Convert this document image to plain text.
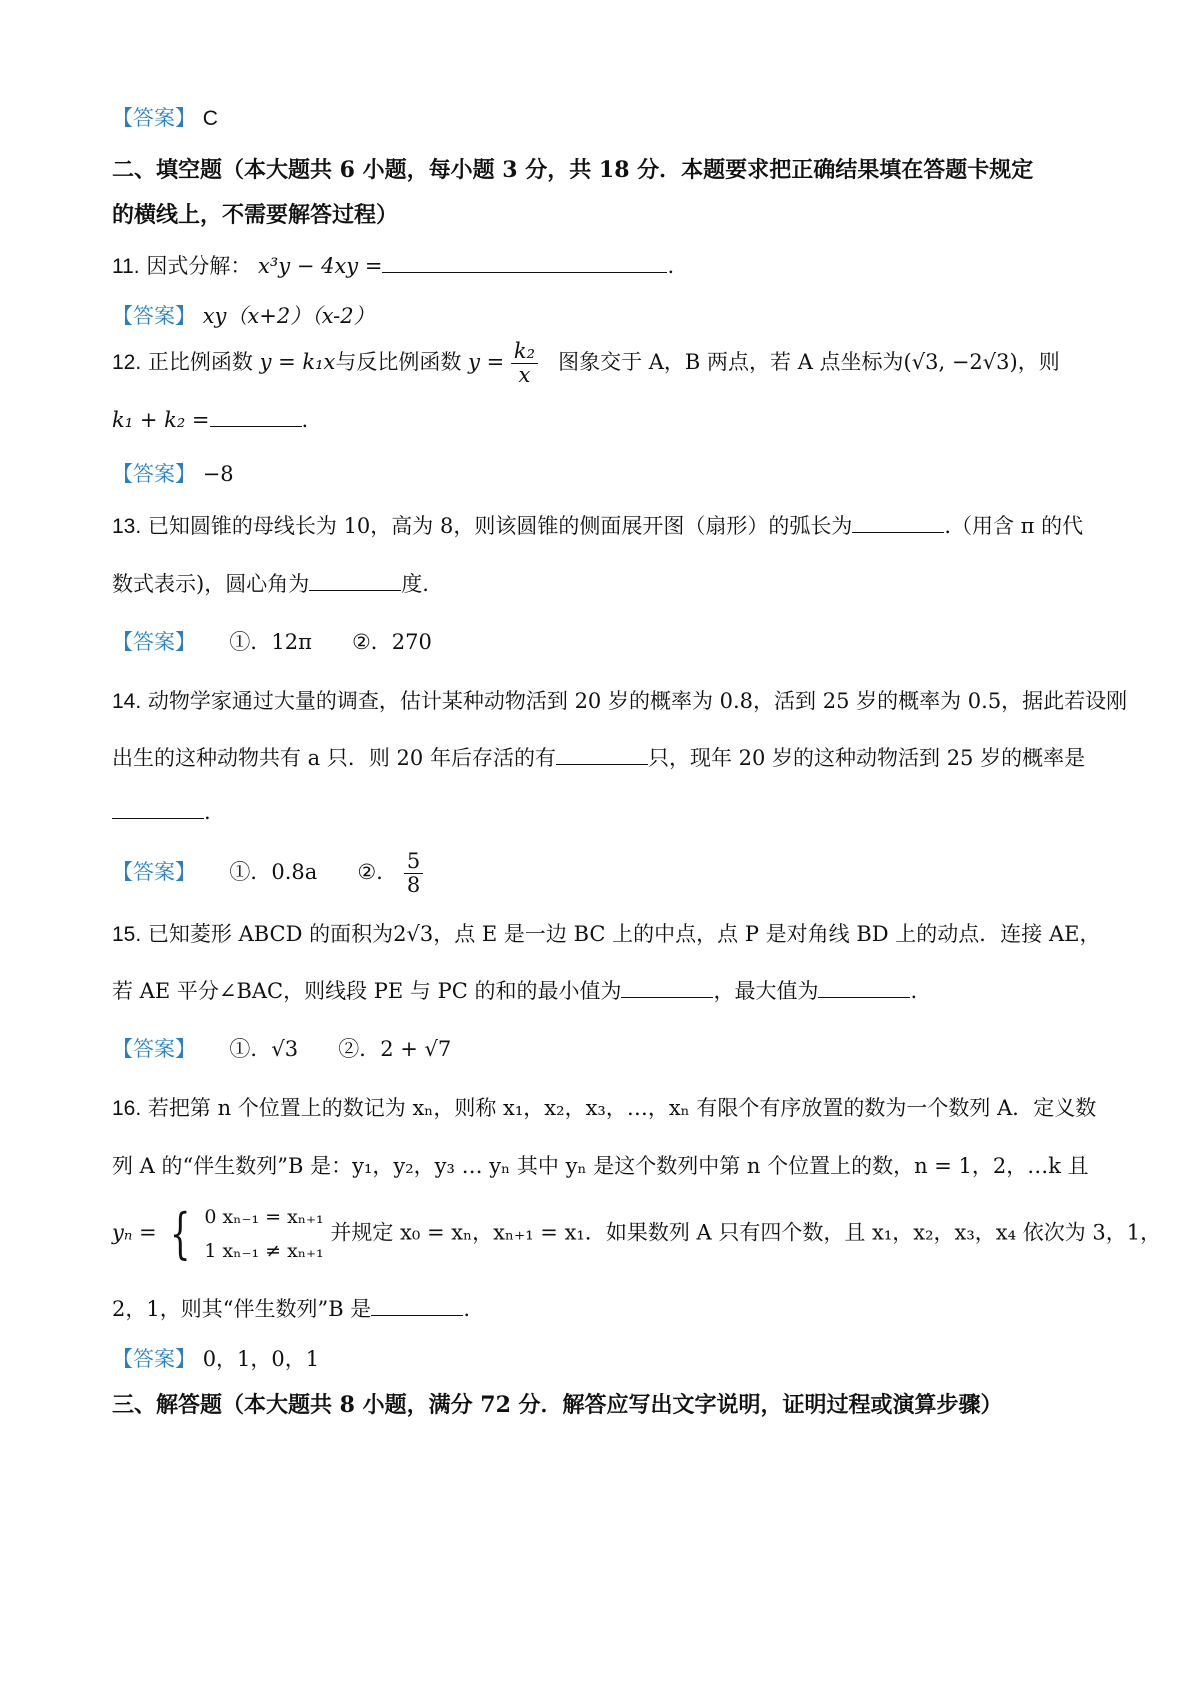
【答案】 C
二、填空题（本大题共 6 小题，每小题 3 分，共 18 分．本题要求把正确结果填在答题卡规定
的横线上，不需要解答过程）
11. 因式分解： x³y − 4xy =	.
【答案】 xy（x+2）（x-2）
12. 正比例函数 y = k₁x与反比例函数 $y = \frac{\text{k₂}}{x}$ 图象交于 A，B 两点，若 A 点坐标为(√3, −2√3)，则
k₁ + k₂ =	.
【答案】 −8
13. 已知圆锥的母线长为 10，高为 8，则该圆锥的侧面展开图（扇形）的弧长为	.（用含 π 的代
数式表示)，圆心角为	度.
【答案】 ①．12π ②．270
14. 动物学家通过大量的调查，估计某种动物活到 20 岁的概率为 0.8，活到 25 岁的概率为 0.5，据此若设刚
出生的这种动物共有 a 只．则 20 年后存活的有	只，现年 20 岁的这种动物活到 25 岁的概率是
.
【答案】 ①．0.8a ②． $\frac{5}{8}$
15. 已知菱形 ABCD 的面积为2√3，点 E 是一边 BC 上的中点，点 P 是对角线 BD 上的动点．连接 AE，
若 AE 平分∠BAC，则线段 PE 与 PC 的和的最小值为	，最大值为	.
【答案】 ①．√3 ②．2 + √7
16. 若把第 n 个位置上的数记为 xₙ，则称 x₁，x₂，x₃，…，xₙ 有限个有序放置的数为一个数列 A．定义数
列 A 的“伴生数列”B 是：y₁，y₂，y₃ … yₙ 其中 yₙ 是这个数列中第 n 个位置上的数，n = 1，2，…k 且
yₙ = { 0 xₙ₋₁ = xₙ₊₁
1 xₙ₋₁ ≠ xₙ₊₁
并规定 x₀ = xₙ，xₙ₊₁ = x₁．如果数列 A 只有四个数，且 x₁，x₂，x₃，x₄ 依次为 3，1，
2，1，则其“伴生数列”B 是	.
【答案】 0，1，0，1
三、解答题（本大题共 8 小题，满分 72 分．解答应写出文字说明，证明过程或演算步骤）
